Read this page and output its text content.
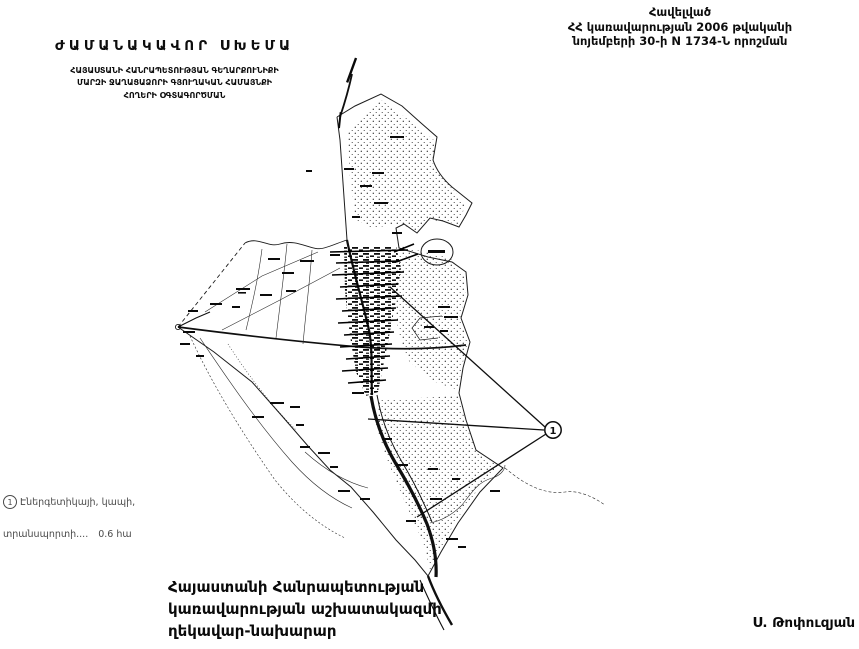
Հավելված
ՀՀ կառավարության 2006 թվականի
նոյեմբերի 30-ի N 1734-Ն որոշման
ԺԱՄԱՆԱԿԱՎՈՐ ՍԽԵՄԱ
ՀԱՅԱՍՏԱՆԻ ՀԱՆՐԱՊԵՏՈՒԹՅԱՆ ԳԵՂԱՐՔՈՒՆԻՔԻ
ՄԱՐԶԻ ՋԱՂԱՑԱՁՈՐԻ ԳՅՈՒՂԱԿԱՆ ՀԱՄԱՅՆՔԻ
ՀՈՂԵՐԻ ՕԳՏԱԳՈՐԾՄԱՆ
1
1 Էներգետիկայի, կապի,
տրանսպորտի.... 0.6 հա
Հայաստանի Հանրապետության
կառավարության աշխատակազմի
ղեկավար-նախարար	Ս. Թոփուզյան
